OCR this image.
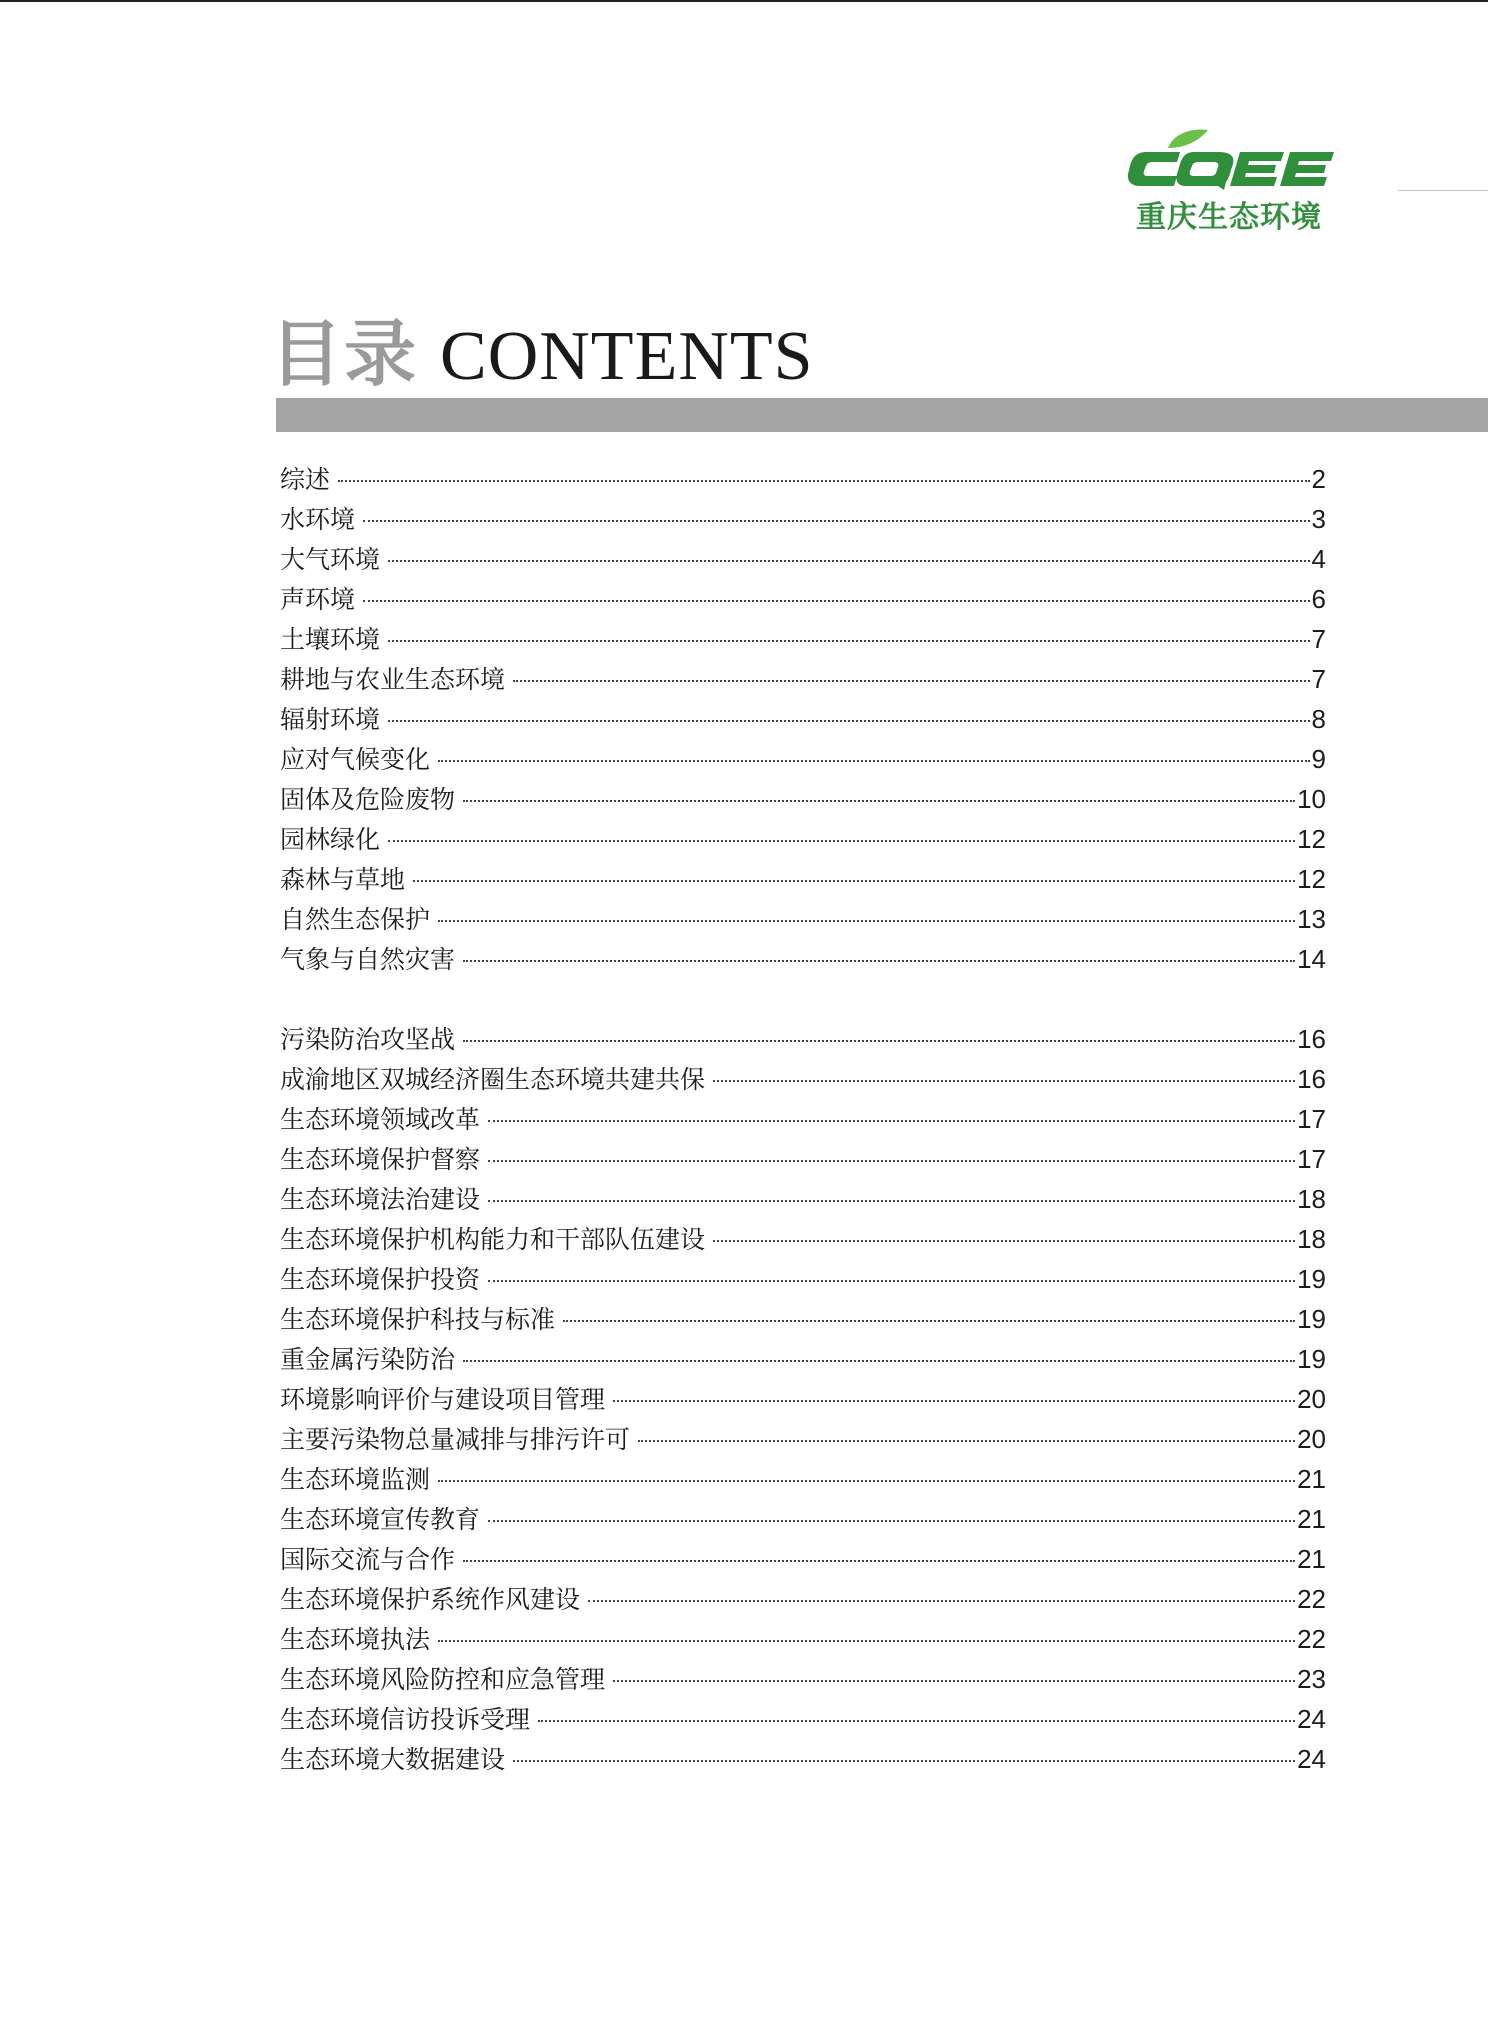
重庆生态环境
目录 CONTENTS
综述	2
水环境	3
大气环境	4
声环境	6
土壤环境	7
耕地与农业生态环境	7
辐射环境	8
应对气候变化	9
固体及危险废物	10
园林绿化	12
森林与草地	12
自然生态保护	13
气象与自然灾害	14
污染防治攻坚战	16
成渝地区双城经济圈生态环境共建共保	16
生态环境领域改革	17
生态环境保护督察	17
生态环境法治建设	18
生态环境保护机构能力和干部队伍建设	18
生态环境保护投资	19
生态环境保护科技与标准	19
重金属污染防治	19
环境影响评价与建设项目管理	20
主要污染物总量减排与排污许可	20
生态环境监测	21
生态环境宣传教育	21
国际交流与合作	21
生态环境保护系统作风建设	22
生态环境执法	22
生态环境风险防控和应急管理	23
生态环境信访投诉受理	24
生态环境大数据建设	24
